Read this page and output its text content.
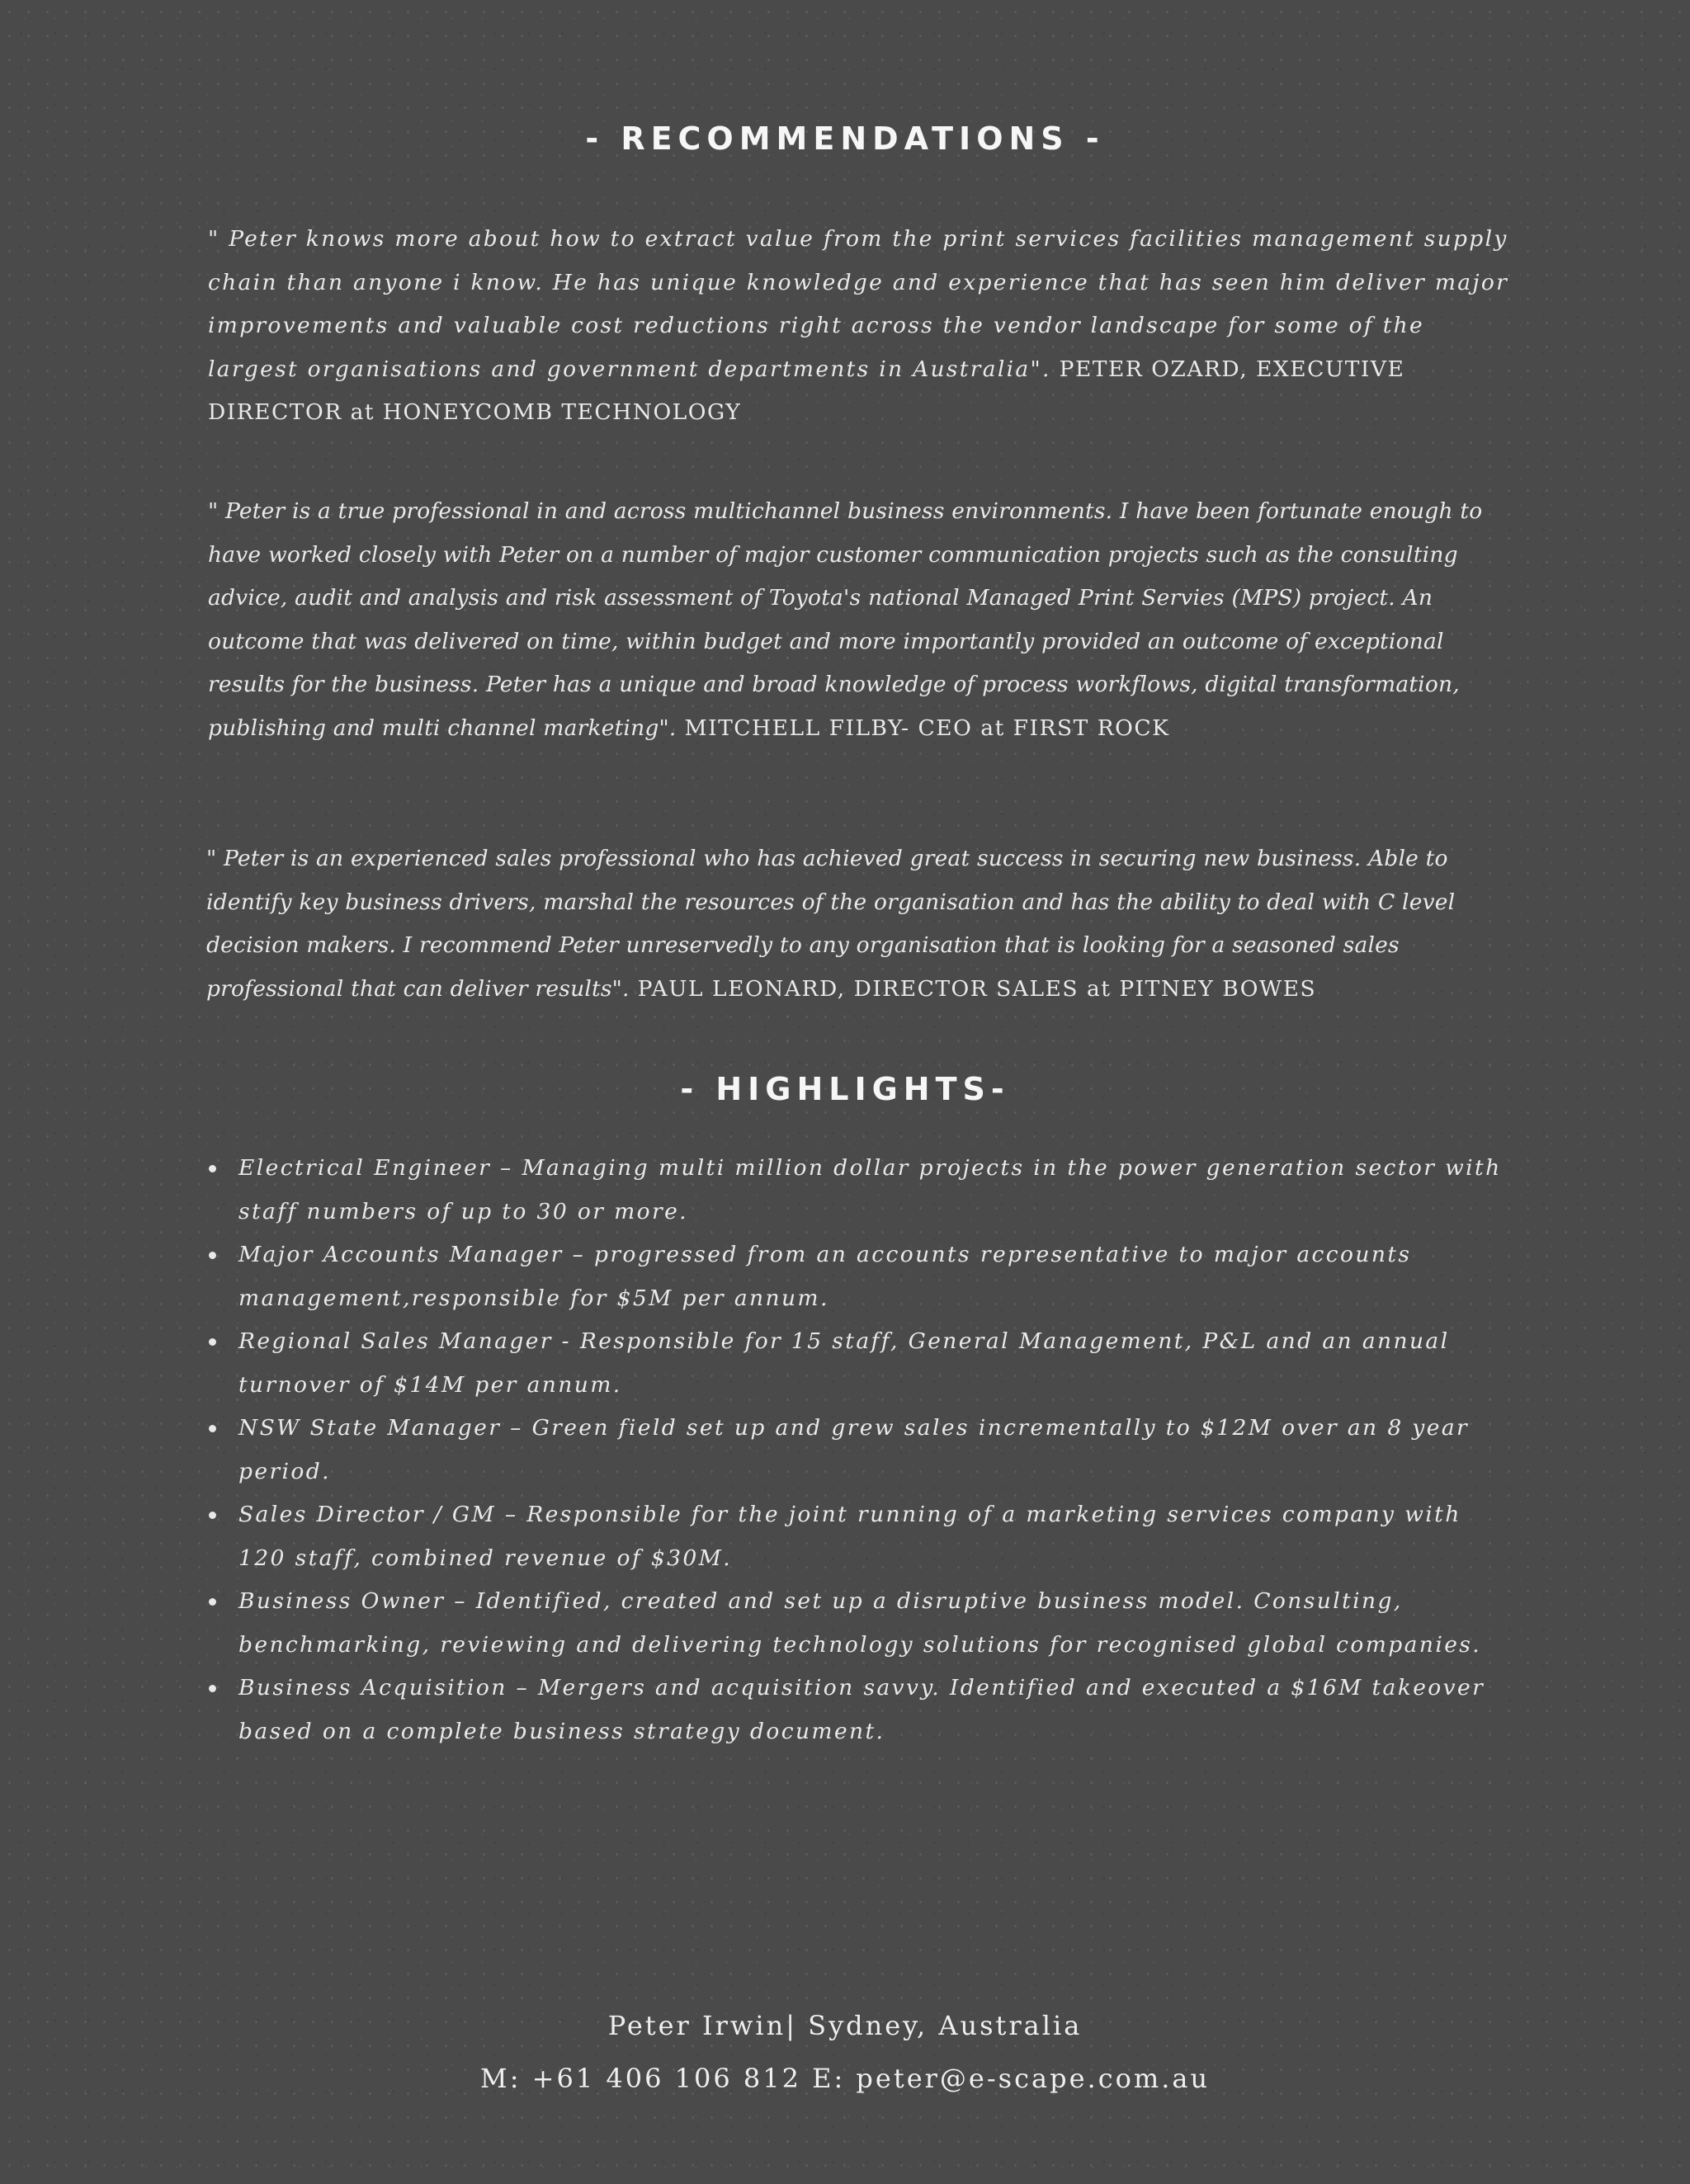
- RECOMMENDATIONS -

" Peter knows more about how to extract value from the print services facilities management supply chain than anyone i know. He has unique knowledge and experience that has seen him deliver major improvements and valuable cost reductions right across the vendor landscape for some of the largest organisations and government departments in Australia". PETER OZARD, EXECUTIVE DIRECTOR at HONEYCOMB TECHNOLOGY

" Peter is a true professional in and across multichannel business environments. I have been fortunate enough to have worked closely with Peter on a number of major customer communication projects such as the consulting advice, audit and analysis and risk assessment of Toyota's national Managed Print Servies (MPS) project. An outcome that was delivered on time, within budget and more importantly provided an outcome of exceptional results for the business. Peter has a unique and broad knowledge of process workflows, digital transformation, publishing and multi channel marketing". MITCHELL FILBY- CEO at FIRST ROCK

" Peter is an experienced sales professional who has achieved great success in securing new business. Able to identify key business drivers, marshal the resources of the organisation and has the ability to deal with C level decision makers. I recommend Peter unreservedly to any organisation that is looking for a seasoned sales professional that can deliver results". PAUL LEONARD, DIRECTOR SALES at PITNEY BOWES

- HIGHLIGHTS-
Electrical Engineer – Managing multi million dollar projects in the power generation sector with staff numbers of up to 30 or more.
Major Accounts Manager – progressed from an accounts representative to major accounts management,responsible for $5M per annum.
Regional Sales Manager - Responsible for 15 staff, General Management, P&L and an annual turnover of $14M per annum.
NSW State Manager – Green field set up and grew sales incrementally to $12M over an 8 year period.
Sales Director / GM – Responsible for the joint running of a marketing services company with 120 staff, combined revenue of $30M.
Business Owner – Identified, created and set up a disruptive business model. Consulting, benchmarking, reviewing and delivering technology solutions for recognised global companies.
Business Acquisition – Mergers and acquisition savvy. Identified and executed a $16M takeover based on a complete business strategy document.

Peter Irwin| Sydney, Australia

M: +61 406 106 812 E: peter@e-scape.com.au
